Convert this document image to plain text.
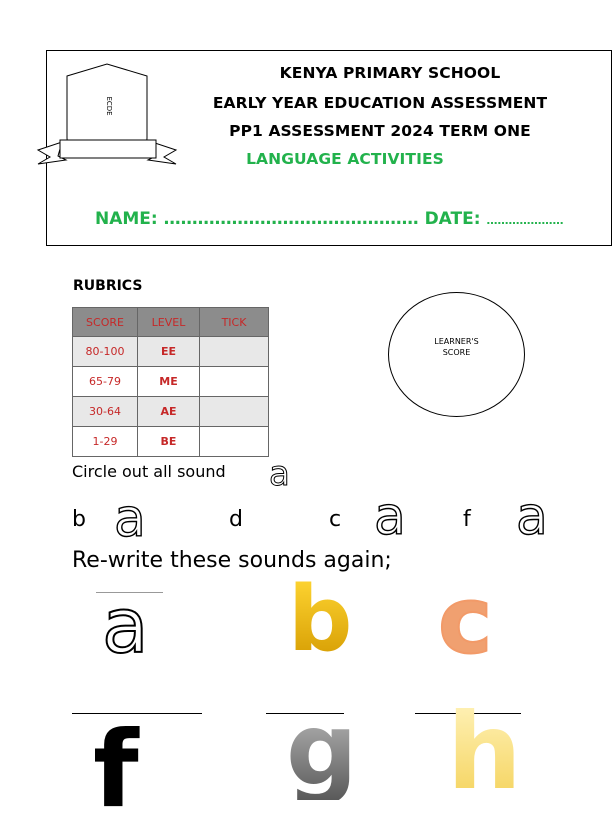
ECDE
KENYA PRIMARY SCHOOL
EARLY YEAR EDUCATION ASSESSMENT
PP1 ASSESSMENT 2024 TERM ONE
LANGUAGE ACTIVITIES
NAME: ……………………………………… DATE: …………………
RUBRICS
SCORE	LEVEL	TICK
80-100	EE	
65-79	ME	
30-64	AE	
1-29	BE	
LEARNER'S
SCORE
Circle out all sound a
b a	d	c a	f a
Re-write these sounds again;
a b c
f g h
